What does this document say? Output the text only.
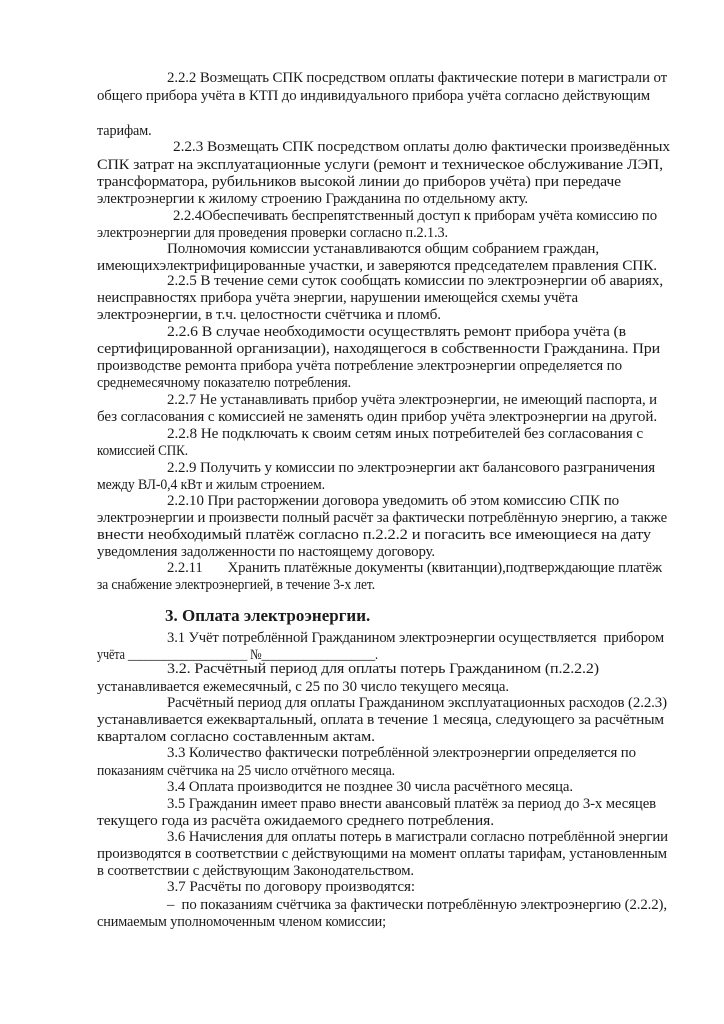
2.2.2 Возмещать СПК посредством оплаты фактические потери в магистрали от
общего прибора учёта в КТП до индивидуального прибора учёта согласно действующим
тарифам.
2.2.3 Возмещать СПК посредством оплаты долю фактически произведённых
СПК затрат на эксплуатационные услуги (ремонт и техническое обслуживание ЛЭП,
трансформатора, рубильников высокой линии до приборов учёта) при передаче
электроэнергии к жилому строению Гражданина по отдельному акту.
2.2.4Обеспечивать беспрепятственный доступ к приборам учёта комиссию по
электроэнергии для проведения проверки согласно п.2.1.3.
Полномочия комиссии устанавливаются общим собранием граждан,
имеющихэлектрифицированные участки, и заверяются председателем правления СПК.
2.2.5 В течение семи суток сообщать комиссии по электроэнергии об авариях,
неисправностях прибора учёта энергии, нарушении имеющейся схемы учёта
электроэнергии, в т.ч. целостности счётчика и пломб.
2.2.6 В случае необходимости осуществлять ремонт прибора учёта (в
сертифицированной организации), находящегося в собственности Гражданина. При
производстве ремонта прибора учёта потребление электроэнергии определяется по
среднемесячному показателю потребления.
2.2.7 Не устанавливать прибор учёта электроэнергии, не имеющий паспорта, и
без согласования с комиссией не заменять один прибор учёта электроэнергии на другой.
2.2.8 Не подключать к своим сетям иных потребителей без согласования с
комиссией СПК.
2.2.9 Получить у комиссии по электроэнергии акт балансового разграничения
между ВЛ-0,4 кВт и жилым строением.
2.2.10 При расторжении договора уведомить об этом комиссию СПК по
электроэнергии и произвести полный расчёт за фактически потреблённую энергию, а также
внести необходимый платёж согласно п.2.2.2 и погасить все имеющиеся на дату
уведомления задолженности по настоящему договору.
2.2.11       Хранить платёжные документы (квитанции),подтверждающие платёж
за снабжение электроэнергией, в течение 3-х лет.
3.1 Учёт потреблённой Гражданином электроэнергии осуществляется  прибором
учёта ____________________ №___________________.
3.2. Расчётный период для оплаты потерь Гражданином (п.2.2.2)
устанавливается ежемесячный, с 25 по 30 число текущего месяца.
Расчётный период для оплаты Гражданином эксплуатационных расходов (2.2.3)
устанавливается ежеквартальный, оплата в течение 1 месяца, следующего за расчётным
кварталом согласно составленным актам.
3.3 Количество фактически потреблённой электроэнергии определяется по
показаниям счётчика на 25 число отчётного месяца.
3.4 Оплата производится не позднее 30 числа расчётного месяца.
3.5 Гражданин имеет право внести авансовый платёж за период до 3-х месяцев
текущего года из расчёта ожидаемого среднего потребления.
3.6 Начисления для оплаты потерь в магистрали согласно потреблённой энергии
производятся в соответствии с действующими на момент оплаты тарифам, установленным
в соответствии с действующим Законодательством.
3.7 Расчёты по договору производятся:
–  по показаниям счётчика за фактически потреблённую электроэнергию (2.2.2),
снимаемым уполномоченным членом комиссии;
3. Оплата электроэнергии.
